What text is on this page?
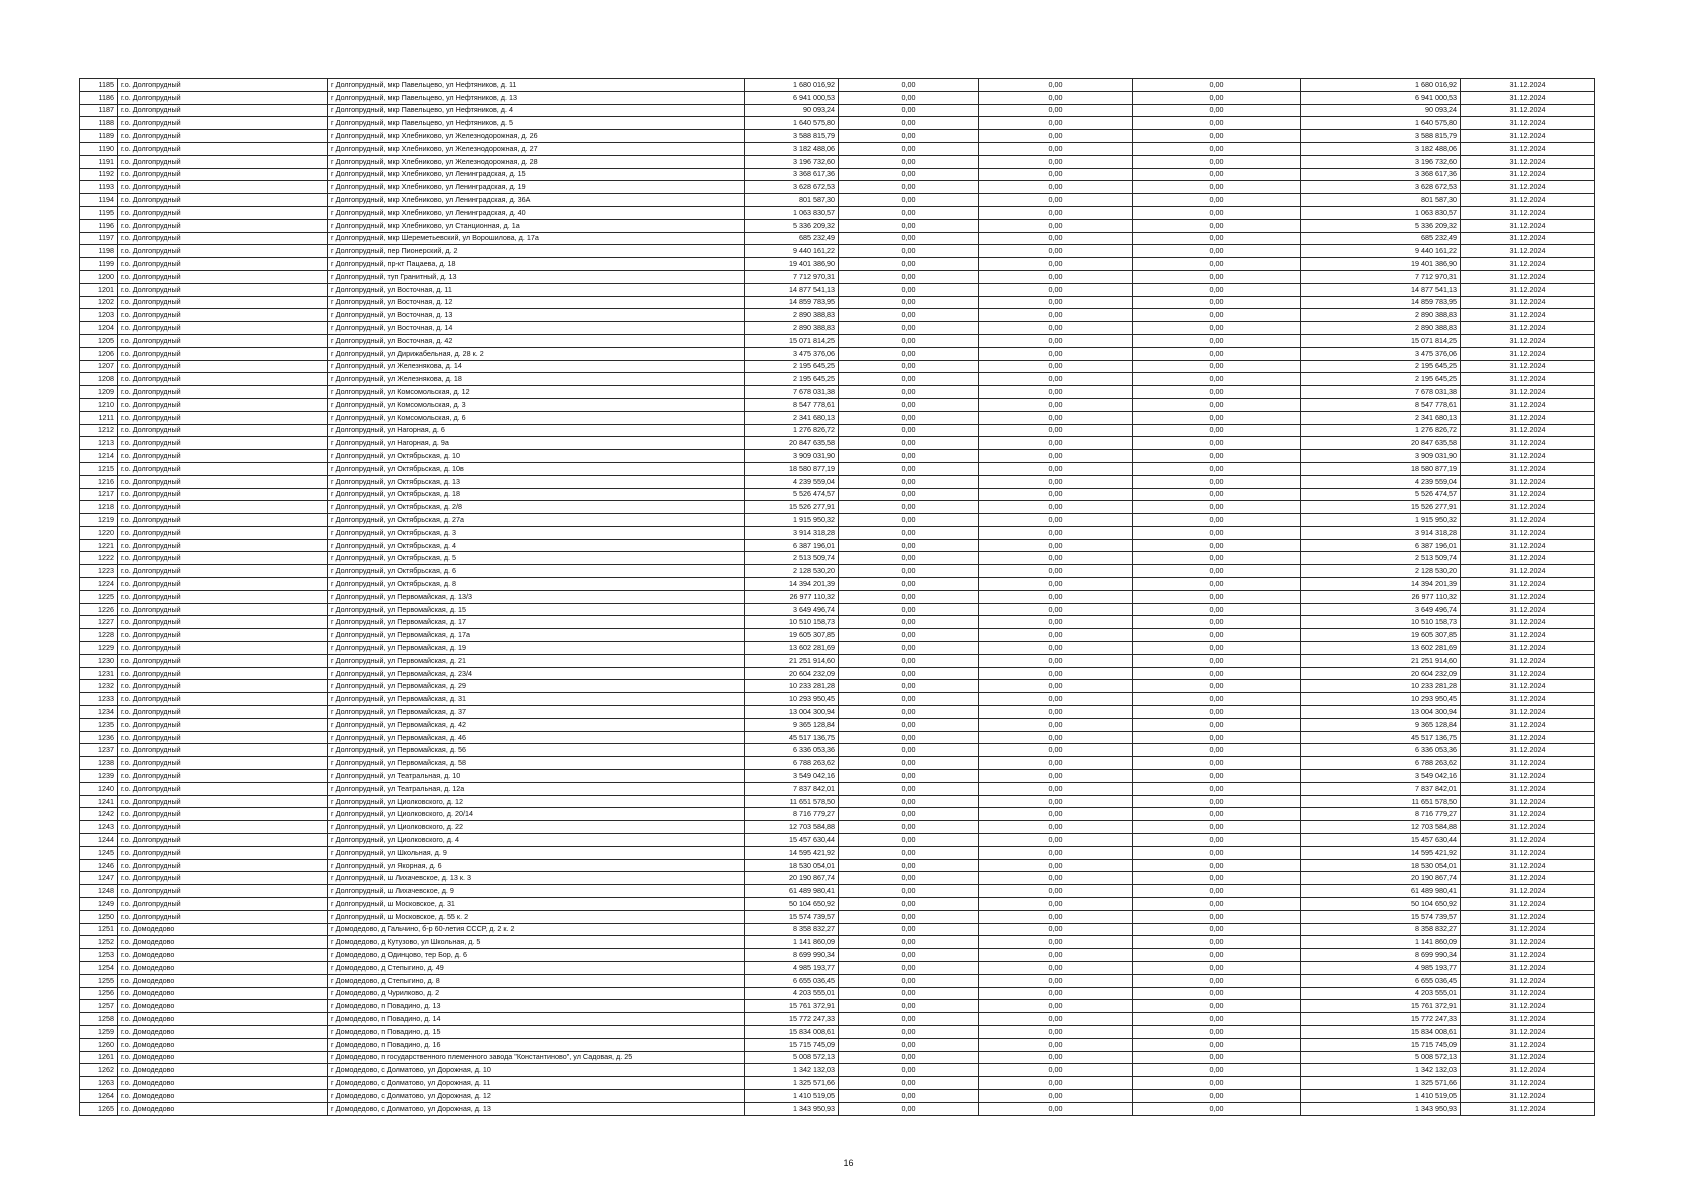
1185	г.о. Долгопрудный	г Долгопрудный, мкр Павельцево, ул Нефтяников, д. 11	1 680 016,92	0,00	0,00	0,00	1 680 016,92	31.12.2024
1186	г.о. Долгопрудный	г Долгопрудный, мкр Павельцево, ул Нефтяников, д. 13	6 941 000,53	0,00	0,00	0,00	6 941 000,53	31.12.2024
1187	г.о. Долгопрудный	г Долгопрудный, мкр Павельцево, ул Нефтяников, д. 4	90 093,24	0,00	0,00	0,00	90 093,24	31.12.2024
1188	г.о. Долгопрудный	г Долгопрудный, мкр Павельцево, ул Нефтяников, д. 5	1 640 575,80	0,00	0,00	0,00	1 640 575,80	31.12.2024
1189	г.о. Долгопрудный	г Долгопрудный, мкр Хлебниково, ул Железнодорожная, д. 26	3 588 815,79	0,00	0,00	0,00	3 588 815,79	31.12.2024
1190	г.о. Долгопрудный	г Долгопрудный, мкр Хлебниково, ул Железнодорожная, д. 27	3 182 488,06	0,00	0,00	0,00	3 182 488,06	31.12.2024
1191	г.о. Долгопрудный	г Долгопрудный, мкр Хлебниково, ул Железнодорожная, д. 28	3 196 732,60	0,00	0,00	0,00	3 196 732,60	31.12.2024
1192	г.о. Долгопрудный	г Долгопрудный, мкр Хлебниково, ул Ленинградская, д. 15	3 368 617,36	0,00	0,00	0,00	3 368 617,36	31.12.2024
1193	г.о. Долгопрудный	г Долгопрудный, мкр Хлебниково, ул Ленинградская, д. 19	3 628 672,53	0,00	0,00	0,00	3 628 672,53	31.12.2024
1194	г.о. Долгопрудный	г Долгопрудный, мкр Хлебниково, ул Ленинградская, д. 36А	801 587,30	0,00	0,00	0,00	801 587,30	31.12.2024
1195	г.о. Долгопрудный	г Долгопрудный, мкр Хлебниково, ул Ленинградская, д. 40	1 063 830,57	0,00	0,00	0,00	1 063 830,57	31.12.2024
1196	г.о. Долгопрудный	г Долгопрудный, мкр Хлебниково, ул Станционная, д. 1а	5 336 209,32	0,00	0,00	0,00	5 336 209,32	31.12.2024
1197	г.о. Долгопрудный	г Долгопрудный, мкр Шереметьевский, ул Ворошилова, д. 17а	685 232,49	0,00	0,00	0,00	685 232,49	31.12.2024
1198	г.о. Долгопрудный	г Долгопрудный, пер Пионерский, д. 2	9 440 161,22	0,00	0,00	0,00	9 440 161,22	31.12.2024
1199	г.о. Долгопрудный	г Долгопрудный, пр-кт Пацаева, д. 18	19 401 386,90	0,00	0,00	0,00	19 401 386,90	31.12.2024
1200	г.о. Долгопрудный	г Долгопрудный, туп Гранитный, д. 13	7 712 970,31	0,00	0,00	0,00	7 712 970,31	31.12.2024
1201	г.о. Долгопрудный	г Долгопрудный, ул Восточная, д. 11	14 877 541,13	0,00	0,00	0,00	14 877 541,13	31.12.2024
1202	г.о. Долгопрудный	г Долгопрудный, ул Восточная, д. 12	14 859 783,95	0,00	0,00	0,00	14 859 783,95	31.12.2024
1203	г.о. Долгопрудный	г Долгопрудный, ул Восточная, д. 13	2 890 388,83	0,00	0,00	0,00	2 890 388,83	31.12.2024
1204	г.о. Долгопрудный	г Долгопрудный, ул Восточная, д. 14	2 890 388,83	0,00	0,00	0,00	2 890 388,83	31.12.2024
1205	г.о. Долгопрудный	г Долгопрудный, ул Восточная, д. 42	15 071 814,25	0,00	0,00	0,00	15 071 814,25	31.12.2024
1206	г.о. Долгопрудный	г Долгопрудный, ул Дирижабельная, д. 28 к. 2	3 475 376,06	0,00	0,00	0,00	3 475 376,06	31.12.2024
1207	г.о. Долгопрудный	г Долгопрудный, ул Железнякова, д. 14	2 195 645,25	0,00	0,00	0,00	2 195 645,25	31.12.2024
1208	г.о. Долгопрудный	г Долгопрудный, ул Железнякова, д. 18	2 195 645,25	0,00	0,00	0,00	2 195 645,25	31.12.2024
1209	г.о. Долгопрудный	г Долгопрудный, ул Комсомольская, д. 12	7 678 031,38	0,00	0,00	0,00	7 678 031,38	31.12.2024
1210	г.о. Долгопрудный	г Долгопрудный, ул Комсомольская, д. 3	8 547 778,61	0,00	0,00	0,00	8 547 778,61	31.12.2024
1211	г.о. Долгопрудный	г Долгопрудный, ул Комсомольская, д. 6	2 341 680,13	0,00	0,00	0,00	2 341 680,13	31.12.2024
1212	г.о. Долгопрудный	г Долгопрудный, ул Нагорная, д. 6	1 276 826,72	0,00	0,00	0,00	1 276 826,72	31.12.2024
1213	г.о. Долгопрудный	г Долгопрудный, ул Нагорная, д. 9а	20 847 635,58	0,00	0,00	0,00	20 847 635,58	31.12.2024
1214	г.о. Долгопрудный	г Долгопрудный, ул Октябрьская, д. 10	3 909 031,90	0,00	0,00	0,00	3 909 031,90	31.12.2024
1215	г.о. Долгопрудный	г Долгопрудный, ул Октябрьская, д. 10в	18 580 877,19	0,00	0,00	0,00	18 580 877,19	31.12.2024
1216	г.о. Долгопрудный	г Долгопрудный, ул Октябрьская, д. 13	4 239 559,04	0,00	0,00	0,00	4 239 559,04	31.12.2024
1217	г.о. Долгопрудный	г Долгопрудный, ул Октябрьская, д. 18	5 526 474,57	0,00	0,00	0,00	5 526 474,57	31.12.2024
1218	г.о. Долгопрудный	г Долгопрудный, ул Октябрьская, д. 2/8	15 526 277,91	0,00	0,00	0,00	15 526 277,91	31.12.2024
1219	г.о. Долгопрудный	г Долгопрудный, ул Октябрьская, д. 27а	1 915 950,32	0,00	0,00	0,00	1 915 950,32	31.12.2024
1220	г.о. Долгопрудный	г Долгопрудный, ул Октябрьская, д. 3	3 914 318,28	0,00	0,00	0,00	3 914 318,28	31.12.2024
1221	г.о. Долгопрудный	г Долгопрудный, ул Октябрьская, д. 4	6 387 196,01	0,00	0,00	0,00	6 387 196,01	31.12.2024
1222	г.о. Долгопрудный	г Долгопрудный, ул Октябрьская, д. 5	2 513 509,74	0,00	0,00	0,00	2 513 509,74	31.12.2024
1223	г.о. Долгопрудный	г Долгопрудный, ул Октябрьская, д. 6	2 128 530,20	0,00	0,00	0,00	2 128 530,20	31.12.2024
1224	г.о. Долгопрудный	г Долгопрудный, ул Октябрьская, д. 8	14 394 201,39	0,00	0,00	0,00	14 394 201,39	31.12.2024
1225	г.о. Долгопрудный	г Долгопрудный, ул Первомайская, д. 13/3	26 977 110,32	0,00	0,00	0,00	26 977 110,32	31.12.2024
1226	г.о. Долгопрудный	г Долгопрудный, ул Первомайская, д. 15	3 649 496,74	0,00	0,00	0,00	3 649 496,74	31.12.2024
1227	г.о. Долгопрудный	г Долгопрудный, ул Первомайская, д. 17	10 510 158,73	0,00	0,00	0,00	10 510 158,73	31.12.2024
1228	г.о. Долгопрудный	г Долгопрудный, ул Первомайская, д. 17а	19 605 307,85	0,00	0,00	0,00	19 605 307,85	31.12.2024
1229	г.о. Долгопрудный	г Долгопрудный, ул Первомайская, д. 19	13 602 281,69	0,00	0,00	0,00	13 602 281,69	31.12.2024
1230	г.о. Долгопрудный	г Долгопрудный, ул Первомайская, д. 21	21 251 914,60	0,00	0,00	0,00	21 251 914,60	31.12.2024
1231	г.о. Долгопрудный	г Долгопрудный, ул Первомайская, д. 23/4	20 604 232,09	0,00	0,00	0,00	20 604 232,09	31.12.2024
1232	г.о. Долгопрудный	г Долгопрудный, ул Первомайская, д. 29	10 233 281,28	0,00	0,00	0,00	10 233 281,28	31.12.2024
1233	г.о. Долгопрудный	г Долгопрудный, ул Первомайская, д. 31	10 293 950,45	0,00	0,00	0,00	10 293 950,45	31.12.2024
1234	г.о. Долгопрудный	г Долгопрудный, ул Первомайская, д. 37	13 004 300,94	0,00	0,00	0,00	13 004 300,94	31.12.2024
1235	г.о. Долгопрудный	г Долгопрудный, ул Первомайская, д. 42	9 365 128,84	0,00	0,00	0,00	9 365 128,84	31.12.2024
1236	г.о. Долгопрудный	г Долгопрудный, ул Первомайская, д. 46	45 517 136,75	0,00	0,00	0,00	45 517 136,75	31.12.2024
1237	г.о. Долгопрудный	г Долгопрудный, ул Первомайская, д. 56	6 336 053,36	0,00	0,00	0,00	6 336 053,36	31.12.2024
1238	г.о. Долгопрудный	г Долгопрудный, ул Первомайская, д. 58	6 788 263,62	0,00	0,00	0,00	6 788 263,62	31.12.2024
1239	г.о. Долгопрудный	г Долгопрудный, ул Театральная, д. 10	3 549 042,16	0,00	0,00	0,00	3 549 042,16	31.12.2024
1240	г.о. Долгопрудный	г Долгопрудный, ул Театральная, д. 12а	7 837 842,01	0,00	0,00	0,00	7 837 842,01	31.12.2024
1241	г.о. Долгопрудный	г Долгопрудный, ул Циолковского, д. 12	11 651 578,50	0,00	0,00	0,00	11 651 578,50	31.12.2024
1242	г.о. Долгопрудный	г Долгопрудный, ул Циолковского, д. 20/14	8 716 779,27	0,00	0,00	0,00	8 716 779,27	31.12.2024
1243	г.о. Долгопрудный	г Долгопрудный, ул Циолковского, д. 22	12 703 584,88	0,00	0,00	0,00	12 703 584,88	31.12.2024
1244	г.о. Долгопрудный	г Долгопрудный, ул Циолковского, д. 4	15 457 630,44	0,00	0,00	0,00	15 457 630,44	31.12.2024
1245	г.о. Долгопрудный	г Долгопрудный, ул Школьная, д. 9	14 595 421,92	0,00	0,00	0,00	14 595 421,92	31.12.2024
1246	г.о. Долгопрудный	г Долгопрудный, ул Якорная, д. 6	18 530 054,01	0,00	0,00	0,00	18 530 054,01	31.12.2024
1247	г.о. Долгопрудный	г Долгопрудный, ш Лихачевское, д. 13 к. 3	20 190 867,74	0,00	0,00	0,00	20 190 867,74	31.12.2024
1248	г.о. Долгопрудный	г Долгопрудный, ш Лихачевское, д. 9	61 489 980,41	0,00	0,00	0,00	61 489 980,41	31.12.2024
1249	г.о. Долгопрудный	г Долгопрудный, ш Московское, д. 31	50 104 650,92	0,00	0,00	0,00	50 104 650,92	31.12.2024
1250	г.о. Долгопрудный	г Долгопрудный, ш Московское, д. 55 к. 2	15 574 739,57	0,00	0,00	0,00	15 574 739,57	31.12.2024
1251	г.о. Домодедово	г Домодедово, д Гальчино, б-р 60-летия СССР, д. 2 к. 2	8 358 832,27	0,00	0,00	0,00	8 358 832,27	31.12.2024
1252	г.о. Домодедово	г Домодедово, д Кутузово, ул Школьная, д. 5	1 141 860,09	0,00	0,00	0,00	1 141 860,09	31.12.2024
1253	г.о. Домодедово	г Домодедово, д Одинцово, тер Бор, д. 6	8 699 990,34	0,00	0,00	0,00	8 699 990,34	31.12.2024
1254	г.о. Домодедово	г Домодедово, д Степыгино, д. 49	4 985 193,77	0,00	0,00	0,00	4 985 193,77	31.12.2024
1255	г.о. Домодедово	г Домодедово, д Степыгино, д. 8	6 655 036,45	0,00	0,00	0,00	6 655 036,45	31.12.2024
1256	г.о. Домодедово	г Домодедово, д Чурилково, д. 2	4 203 555,01	0,00	0,00	0,00	4 203 555,01	31.12.2024
1257	г.о. Домодедово	г Домодедово, п Повадино, д. 13	15 761 372,91	0,00	0,00	0,00	15 761 372,91	31.12.2024
1258	г.о. Домодедово	г Домодедово, п Повадино, д. 14	15 772 247,33	0,00	0,00	0,00	15 772 247,33	31.12.2024
1259	г.о. Домодедово	г Домодедово, п Повадино, д. 15	15 834 008,61	0,00	0,00	0,00	15 834 008,61	31.12.2024
1260	г.о. Домодедово	г Домодедово, п Повадино, д. 16	15 715 745,09	0,00	0,00	0,00	15 715 745,09	31.12.2024
1261	г.о. Домодедово	г Домодедово, п государственного племенного завода "Константиново", ул Садовая, д. 25	5 008 572,13	0,00	0,00	0,00	5 008 572,13	31.12.2024
1262	г.о. Домодедово	г Домодедово, с Долматово, ул Дорожная, д. 10	1 342 132,03	0,00	0,00	0,00	1 342 132,03	31.12.2024
1263	г.о. Домодедово	г Домодедово, с Долматово, ул Дорожная, д. 11	1 325 571,66	0,00	0,00	0,00	1 325 571,66	31.12.2024
1264	г.о. Домодедово	г Домодедово, с Долматово, ул Дорожная, д. 12	1 410 519,05	0,00	0,00	0,00	1 410 519,05	31.12.2024
1265	г.о. Домодедово	г Домодедово, с Долматово, ул Дорожная, д. 13	1 343 950,93	0,00	0,00	0,00	1 343 950,93	31.12.2024
16
